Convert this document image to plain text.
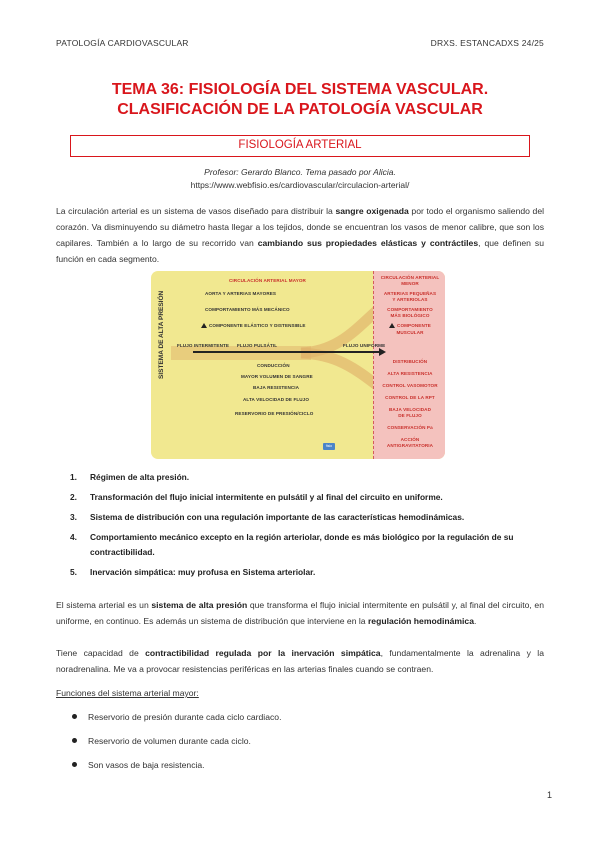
PATOLOGÍA CARDIOVASCULAR	DRXS. ESTANCADXS 24/25
TEMA 36: FISIOLOGÍA DEL SISTEMA VASCULAR.
CLASIFICACIÓN DE LA PATOLOGÍA VASCULAR
FISIOLOGÍA ARTERIAL
Profesor: Gerardo Blanco. Tema pasado por Alicia.
https://www.webfisio.es/cardiovascular/circulacion-arterial/

La circulación arterial es un sistema de vasos diseñado para distribuir la sangre oxigenada por todo el organismo saliendo del corazón. Va disminuyendo su diámetro hasta llegar a los tejidos, donde se encuentran los vasos de menor calibre, que son los capilares. También a lo largo de su recorrido van cambiando sus propiedades elásticas y contráctiles, que definen su función en cada segmento.

CIRCULACIÓN ARTERIAL MAYOR
CIRCULACIÓN ARTERIAL
MENOR
SISTEMA DE ALTA PRESIÓN	AORTA Y ARTERIAS MAYORES
COMPORTAMIENTO MÁS MECÁNICO
COMPONENTE ELÁSTICO Y DISTENSIBLE
FLUJO INTERMITENTE FLUJO PULSÁTIL	FLUJO UNIFORME
CONDUCCIÓN
MAYOR VOLUMEN DE SANGRE
BAJA RESISTENCIA
ALTA VELOCIDAD DE FLUJO
RESERVORIO DE PRESIÓN/CICLO
ARTERIAS PEQUEÑAS
Y ARTERIOLAS
COMPORTAMIENTO
MÁS BIOLÓGICO
COMPONENTE
MUSCULAR
DISTRIBUCIÓN
ALTA RESISTENCIA
CONTROL VASOMOTOR
CONTROL DE LA RPT
BAJA VELOCIDAD
DE FLUJO
CONSERVACIÓN Pa
ACCIÓN
ANTIGRAVITATORIA
fisio
1. Régimen de alta presión.
2. Transformación del flujo inicial intermitente en pulsátil y al final del circuito en uniforme.
3. Sistema de distribución con una regulación importante de las características hemodinámicas.
4. Comportamiento mecánico excepto en la región arteriolar, donde es más biológico por la regulación de su contractibilidad.
5. Inervación simpática: muy profusa en Sistema arteriolar.

El sistema arterial es un sistema de alta presión que transforma el flujo inicial intermitente en pulsátil y, al final del circuito, en uniforme, en continuo. Es además un sistema de distribución que interviene en la regulación hemodinámica.

Tiene capacidad de contractibilidad regulada por la inervación simpática, fundamentalmente la adrenalina y la noradrenalina. Me va a provocar resistencias periféricas en las arterias finales cuando se contraen.

Funciones del sistema arterial mayor:
Reservorio de presión durante cada ciclo cardiaco.
Reservorio de volumen durante cada ciclo.
Son vasos de baja resistencia.
1
